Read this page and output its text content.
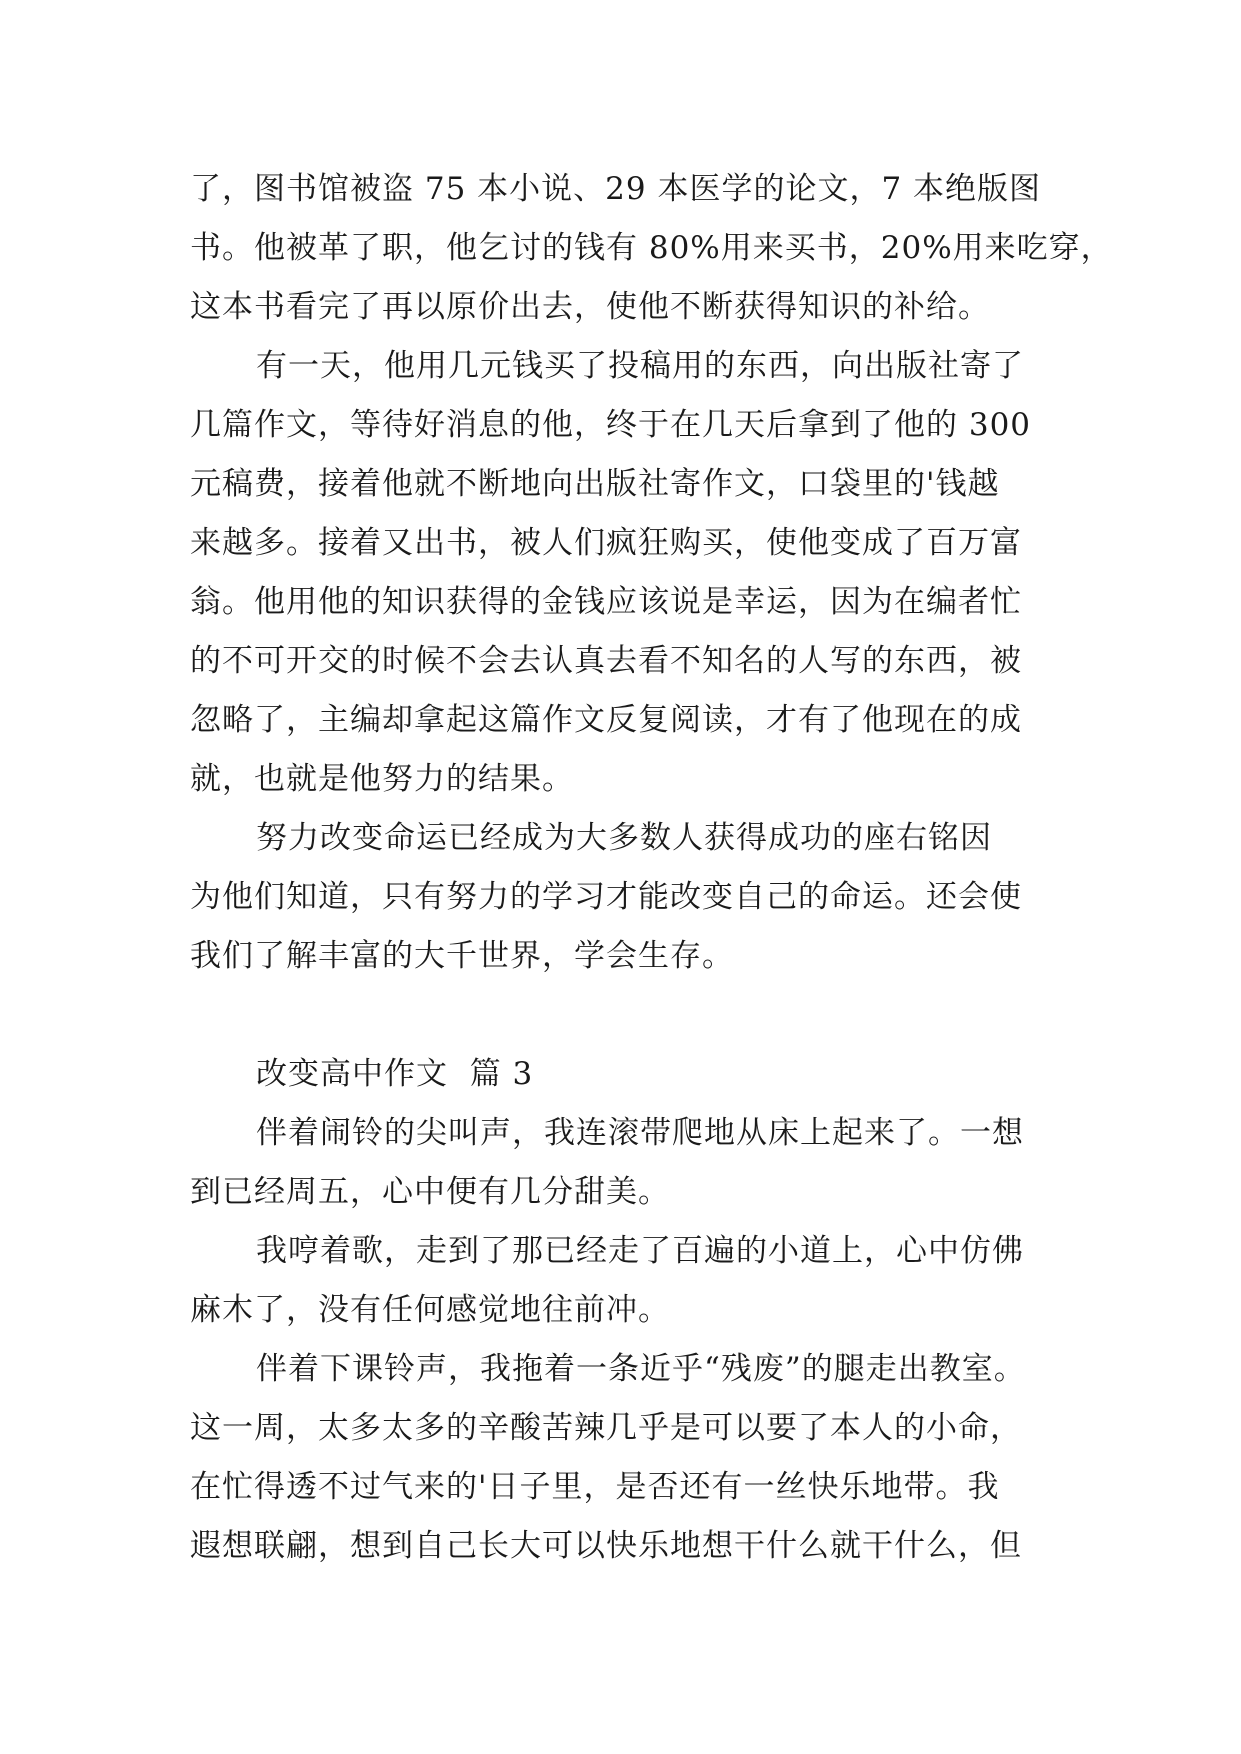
了，图书馆被盗 75 本小说、29 本医学的论文，7 本绝版图
书。他被革了职，他乞讨的钱有 80%用来买书，20%用来吃穿，
这本书看完了再以原价出去，使他不断获得知识的补给。
有一天，他用几元钱买了投稿用的东西，向出版社寄了
几篇作文，等待好消息的他，终于在几天后拿到了他的 300
元稿费，接着他就不断地向出版社寄作文，口袋里的'钱越
来越多。接着又出书，被人们疯狂购买，使他变成了百万富
翁。他用他的知识获得的金钱应该说是幸运，因为在编者忙
的不可开交的时候不会去认真去看不知名的人写的东西，被
忽略了，主编却拿起这篇作文反复阅读，才有了他现在的成
就，也就是他努力的结果。
努力改变命运已经成为大多数人获得成功的座右铭因
为他们知道，只有努力的学习才能改变自己的命运。还会使
我们了解丰富的大千世界，学会生存。
改变高中作文  篇 3
伴着闹铃的尖叫声，我连滚带爬地从床上起来了。一想
到已经周五，心中便有几分甜美。
我哼着歌，走到了那已经走了百遍的小道上，心中仿佛
麻木了，没有任何感觉地往前冲。
伴着下课铃声，我拖着一条近乎“残废”的腿走出教室。
这一周，太多太多的辛酸苦辣几乎是可以要了本人的小命，
在忙得透不过气来的'日子里，是否还有一丝快乐地带。我
遐想联翩，想到自己长大可以快乐地想干什么就干什么，但
